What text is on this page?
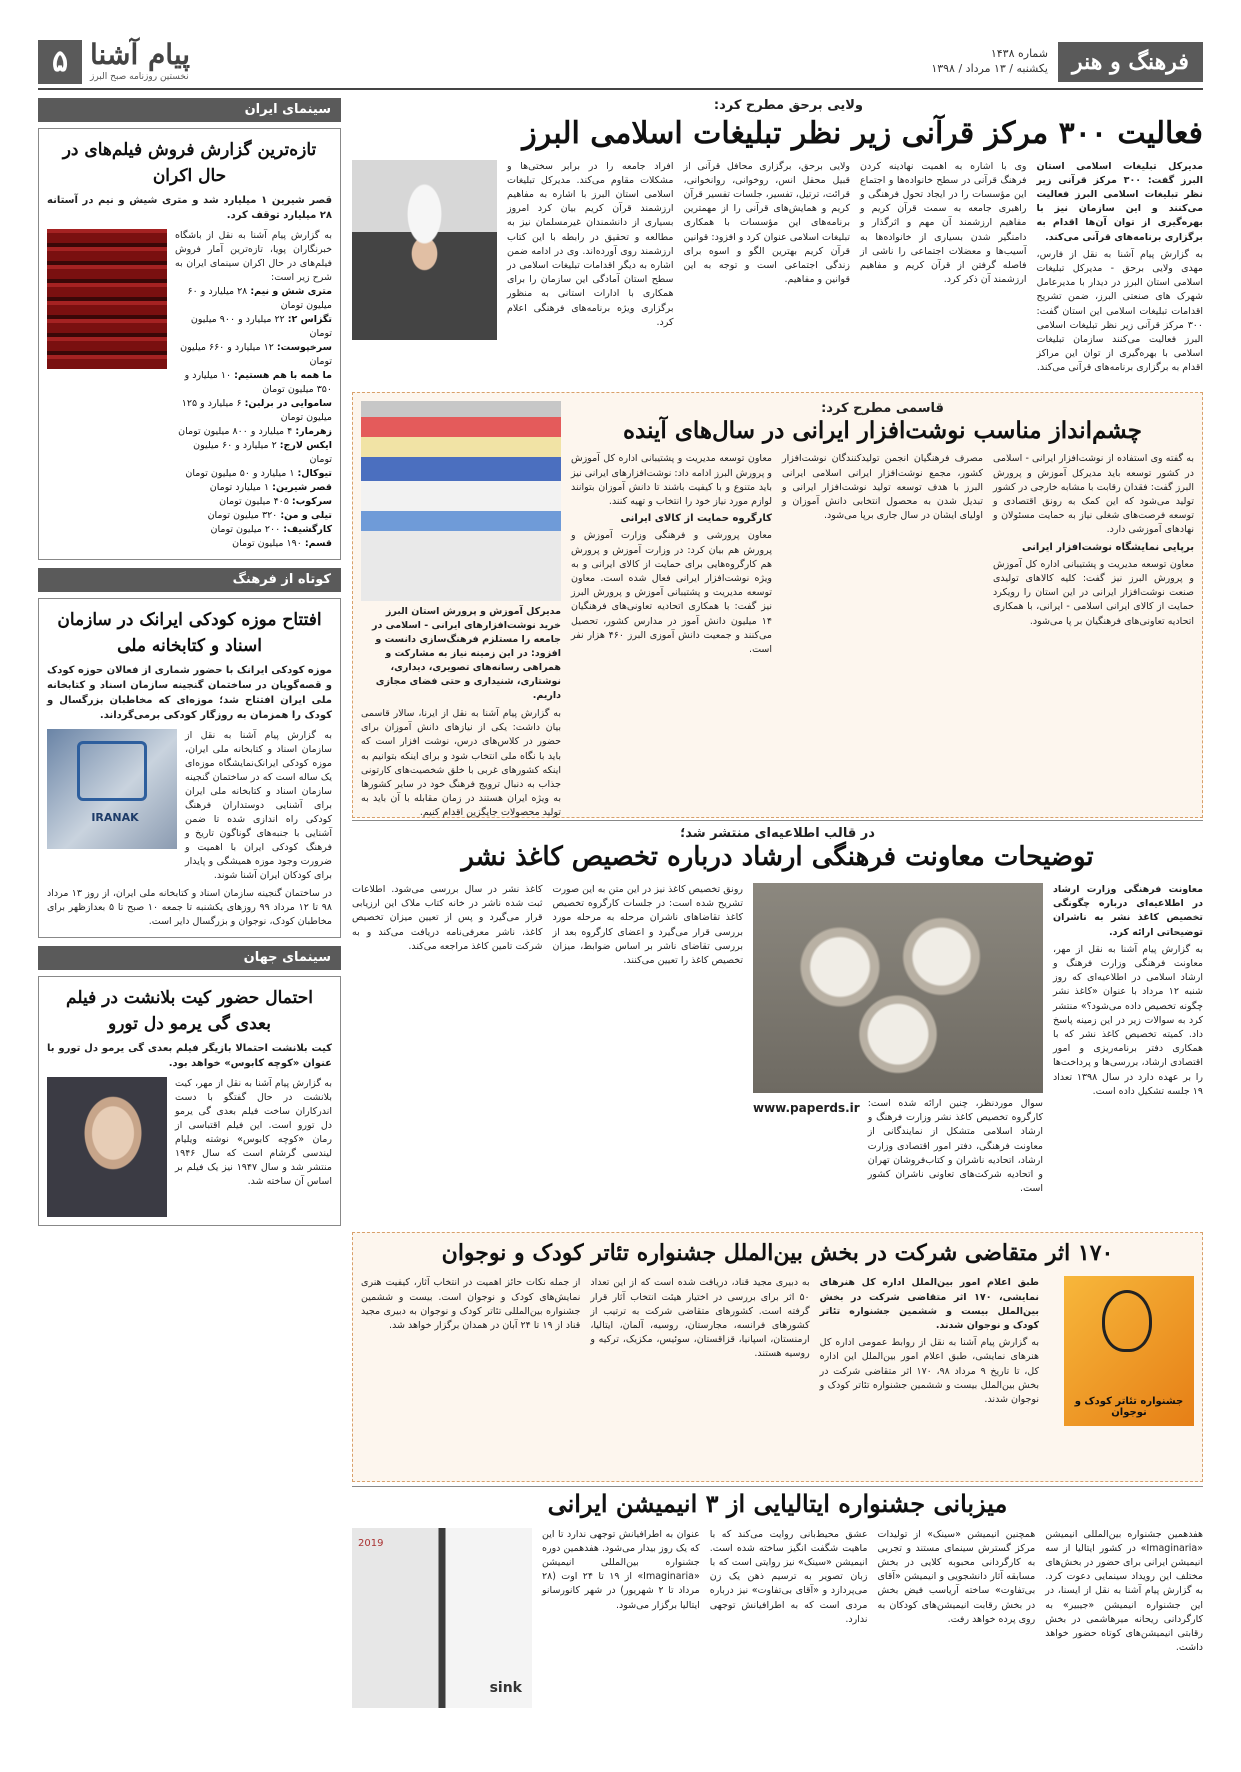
فرهنگ و هنر
شماره ۱۴۳۸
یکشنبه / ۱۳ مرداد / ۱۳۹۸
۵ پیام آشنا
نخستین روزنامه صبح البرز
سینمای ایران
تازه‌ترین گزارش فروش فیلم‌های در حال اکران
قصر شیرین ۱ میلیارد شد و متری شیش و نیم در آستانه ۲۸ میلیارد توقف کرد.
به گزارش پیام آشنا به نقل از باشگاه خبرنگاران پویا، تازه‌ترین آمار فروش فیلم‌های در حال اکران سینمای ایران به شرح زیر است:
متری شش و نیم: ۲۸ میلیارد و ۶۰ میلیون تومان
تگزاس ۲: ۲۲ میلیارد و ۹۰۰ میلیون تومان
سرخپوست: ۱۲ میلیارد و ۶۶۰ میلیون تومان
ما همه با هم هستیم: ۱۰ میلیارد و ۳۵۰ میلیون تومان
ساموایی در برلین: ۶ میلیارد و ۱۲۵ میلیون تومان
زهرمار: ۴ میلیارد و ۸۰۰ میلیون تومان
ایکس لارج: ۲ میلیارد و ۶۰ میلیون تومان
تیوکال: ۱ میلیارد و ۵۰ میلیون تومان
قصر شیرین: ۱ میلیارد تومان
سرکوب: ۴۰۵ میلیون تومان
تیلی و من: ۳۲۰ میلیون تومان
کارگشیف: ۲۰۰ میلیون تومان
قسم: ۱۹۰ میلیون تومان
کوتاه از فرهنگ
افتتاح موزه کودکی ایرانک در سازمان اسناد و کتابخانه ملی
موزه کودکی ایرانک با حضور شماری از فعالان حوزه کودک و قصه‌گویان در ساختمان گنجینه سازمان اسناد و کتابخانه ملی ایران افتتاح شد؛ موزه‌ای که مخاطبان بزرگسال و کودک را همزمان به روزگار کودکی برمی‌گرداند.
به گزارش پیام آشنا به نقل از سازمان اسناد و کتابخانه ملی ایران، موزه کودکی ایرانک‌نمایشگاه موزه‌ای یک ساله است که در ساختمان گنجینه سازمان اسناد و کتابخانه ملی ایران برای آشنایی دوستداران فرهنگ کودکی راه اندازی شده تا ضمن آشنایی با جنبه‌های گوناگون تاریخ و فرهنگ کودکی ایران با اهمیت و ضرورت وجود موزه همیشگی و پایدار برای کودکان ایران آشنا شوند.
IRANAK
در ساختمان گنجینه سازمان اسناد و کتابخانه ملی ایران، از روز ۱۳ مرداد ۹۸ تا ۱۲ مرداد ۹۹ روزهای یکشنبه تا جمعه ۱۰ صبح تا ۵ بعدازظهر برای مخاطبان کودک، نوجوان و بزرگسال دایر است.
سینمای جهان
احتمال حضور کیت بلانشت در فیلم بعدی گی یرمو دل تورو
کیت بلانشت احتمالا بازیگر فیلم بعدی گی یرمو دل تورو با عنوان «کوچه کابوس» خواهد بود.
به گزارش پیام آشنا به نقل از مهر، کیت بلانشت در حال گفتگو با دست اندرکاران ساخت فیلم بعدی گی یرمو دل تورو است. این فیلم اقتباسی از رمان «کوچه کابوس» نوشته ویلیام لیندسی گرشام است که سال ۱۹۴۶ منتشر شد و سال ۱۹۴۷ نیز یک فیلم بر اساس آن ساخته شد.
ولایی برحق مطرح کرد:
فعالیت ۳۰۰ مرکز قرآنی زیر نظر تبلیغات اسلامی البرز
مدیرکل تبلیغات اسلامی استان البرز گفت: ۳۰۰ مرکز قرآنی زیر نظر تبلیغات اسلامی البرز فعالیت می‌کنند و این سازمان نیز با بهره‌گیری از توان آن‌ها اقدام به برگزاری برنامه‌های قرآنی می‌کند.
به گزارش پیام آشنا به نقل از فارس، مهدی ولایی برحق - مدیرکل تبلیغات اسلامی استان البرز در دیدار با مدیرعامل شهرک های صنعتی البرز، ضمن تشریح اقدامات تبلیغات اسلامی این استان گفت: ۳۰۰ مرکز قرآنی زیر نظر تبلیغات اسلامی البرز فعالیت می‌کنند سازمان تبلیغات اسلامی با بهره‌گیری از توان این مراکز اقدام به برگزاری برنامه‌های قرآنی می‌کند.
وی با اشاره به اهمیت نهادینه کردن فرهنگ قرآنی در سطح خانواده‌ها و اجتماع این مؤسسات را در ایجاد تحول فرهنگی و راهبری جامعه به سمت قرآن کریم و مفاهیم ارزشمند آن مهم و اثرگذار و دامنگیر شدن بسیاری از خانواده‌ها به آسیب‌ها و معضلات اجتماعی را ناشی از فاصله گرفتن از قرآن کریم و مفاهیم ارزشمند آن ذکر کرد.
ولایی برحق، برگزاری محافل قرآنی از قبیل محفل انس، روخوانی، روانخوانی، قرائت، ترتیل، تفسیر، جلسات تفسیر قرآن کریم و همایش‌های قرآنی را از مهمترین برنامه‌های این مؤسسات با همکاری تبلیغات اسلامی عنوان کرد و افزود: قوانین قرآن کریم بهترین الگو و اسوه برای زندگی اجتماعی است و توجه به این قوانین و مفاهیم.
افراد جامعه را در برابر سختی‌ها و مشکلات مقاوم می‌کند. مدیرکل تبلیغات اسلامی استان البرز با اشاره به مفاهیم ارزشمند قرآن کریم بیان کرد امروز بسیاری از دانشمندان غیرمسلمان نیز به مطالعه و تحقیق در رابطه با این کتاب ارزشمند روی آورده‌اند. وی در ادامه ضمن اشاره به دیگر اقدامات تبلیغات اسلامی در سطح استان آمادگی این سازمان را برای همکاری با ادارات استانی به منظور برگزاری ویژه برنامه‌های فرهنگی اعلام کرد.
قاسمی مطرح کرد:
چشم‌انداز مناسب نوشت‌افزار ایرانی در سال‌های آینده
به گفته وی استفاده از نوشت‌افزار ایرانی - اسلامی در کشور توسعه باید مدیرکل آموزش و پرورش البرز گفت: فقدان رقابت با مشابه خارجی در کشور تولید می‌شود که این کمک به رونق اقتصادی و توسعه فرصت‌های شغلی نیاز به حمایت مسئولان و نهادهای آموزشی دارد.
برپایی نمایشگاه نوشت‌افزار ایرانی
معاون توسعه مدیریت و پشتیبانی اداره کل آموزش و پرورش البرز نیز گفت: کلیه کالاهای تولیدی صنعت نوشت‌افزار ایرانی در این استان را رویکرد حمایت از کالای ایرانی اسلامی - ایرانی، با همکاری اتحادیه تعاونی‌های فرهنگیان بر پا می‌شود.
مصرف فرهنگیان انجمن تولیدکنندگان نوشت‌افزار کشور، مجمع نوشت‌افزار ایرانی اسلامی ایرانی البرز با هدف توسعه تولید نوشت‌افزار ایرانی و تبدیل شدن به محصول انتخابی دانش آموزان و اولیای ایشان در سال جاری برپا می‌شود.
معاون توسعه مدیریت و پشتیبانی اداره کل آموزش و پرورش البرز ادامه داد: نوشت‌افزارهای ایرانی نیز باید متنوع و با کیفیت باشند تا دانش آموزان بتوانند لوازم مورد نیاز خود را انتخاب و تهیه کنند.
کارگروه حمایت از کالای ایرانی
معاون پرورشی و فرهنگی وزارت آموزش و پرورش هم بیان کرد: در وزارت آموزش و پرورش هم کارگروه‌هایی برای حمایت از کالای ایرانی و به ویژه نوشت‌افزار ایرانی فعال شده است. معاون توسعه مدیریت و پشتیبانی آموزش و پرورش البرز نیز گفت: با همکاری اتحادیه تعاونی‌های فرهنگیان ۱۴ میلیون دانش آموز در مدارس کشور، تحصیل می‌کنند و جمعیت دانش آموزی البرز ۴۶۰ هزار نفر است.
مدیرکل آموزش و پرورش استان البرز خرید نوشت‌افزارهای ایرانی - اسلامی در جامعه را مستلزم فرهنگ‌سازی دانست و افزود: در این زمینه نیاز به مشارکت و همراهی رسانه‌های تصویری، دیداری، نوشتاری، شنیداری و حتی فضای مجازی داریم.
به گزارش پیام آشنا به نقل از ایرنا، سالار قاسمی بیان داشت: یکی از نیازهای دانش آموزان برای حضور در کلاس‌های درس، نوشت افزار است که باید با نگاه ملی انتخاب شود و برای اینکه بتوانیم به اینکه کشورهای غربی با خلق شخصیت‌های کارتونی جذاب به دنبال ترویج فرهنگ خود در سایر کشورها به ویژه ایران هستند در زمان مقابله با آن باید به تولید محصولات جایگزین اقدام کنیم.
در قالب اطلاعیه‌ای منتشر شد؛
توضیحات معاونت فرهنگی ارشاد درباره تخصیص کاغذ نشر
معاونت فرهنگی وزارت ارشاد در اطلاعیه‌ای درباره چگونگی تخصیص کاغذ نشر به ناشران توضیحاتی ارائه کرد.
به گزارش پیام آشنا به نقل از مهر، معاونت فرهنگی وزارت فرهنگ و ارشاد اسلامی در اطلاعیه‌ای که روز شنبه ۱۲ مرداد با عنوان «کاغذ نشر چگونه تخصیص داده می‌شود؟» منتشر کرد به سوالات زیر در این زمینه پاسخ داد. کمیته تخصیص کاغذ نشر که با همکاری دفتر برنامه‌ریزی و امور اقتصادی ارشاد، بررسی‌ها و پرداخت‌ها را بر عهده دارد در سال ۱۳۹۸ تعداد ۱۹ جلسه تشکیل داده است.
سوال موردنظر، چنین ارائه شده است: کارگروه تخصیص کاغذ نشر وزارت فرهنگ و ارشاد اسلامی متشکل از نمایندگانی از معاونت فرهنگی، دفتر امور اقتصادی وزارت ارشاد، اتحادیه ناشران و کتاب‌فروشان تهران و اتحادیه شرکت‌های تعاونی ناشران کشور است.
www.paperds.ir
رونق تخصیص کاغذ نیز در این متن به این صورت تشریح شده است: در جلسات کارگروه تخصیص کاغذ تقاضاهای ناشران مرحله به مرحله مورد بررسی قرار می‌گیرد و اعضای کارگروه بعد از بررسی تقاضای ناشر بر اساس ضوابط، میزان تخصیص کاغذ را تعیین می‌کنند.
کاغذ نشر در سال بررسی می‌شود. اطلاعات ثبت شده ناشر در خانه کتاب ملاک این ارزیابی قرار می‌گیرد و پس از تعیین میزان تخصیص کاغذ، ناشر معرفی‌نامه دریافت می‌کند و به شرکت تامین کاغذ مراجعه می‌کند.
۱۷۰ اثر متقاضی شرکت در بخش بین‌الملل جشنواره تئاتر کودک و نوجوان
جشنواره تئاتر کودک و نوجوان
طبق اعلام امور بین‌الملل اداره کل هنرهای نمایشی، ۱۷۰ اثر متقاضی شرکت در بخش بین‌الملل بیست و ششمین جشنواره تئاتر کودک و نوجوان شدند.
به گزارش پیام آشنا به نقل از روابط عمومی اداره کل هنرهای نمایشی، طبق اعلام امور بین‌الملل این اداره کل، تا تاریخ ۹ مرداد ۹۸، ۱۷۰ اثر متقاضی شرکت در بخش بین‌الملل بیست و ششمین جشنواره تئاتر کودک و نوجوان شدند.
به دبیری مجید قناد، دریافت شده است که از این تعداد ۵۰ اثر برای بررسی در اختیار هیئت انتخاب آثار قرار گرفته است. کشورهای متقاضی شرکت به ترتیب از کشورهای فرانسه، مجارستان، روسیه، آلمان، ایتالیا، ارمنستان، اسپانیا، قزاقستان، سوئیس، مکزیک، ترکیه و روسیه هستند.
از جمله نکات حائز اهمیت در انتخاب آثار، کیفیت هنری نمایش‌های کودک و نوجوان است. بیست و ششمین جشنواره بین‌المللی تئاتر کودک و نوجوان به دبیری مجید قناد از ۱۹ تا ۲۴ آبان در همدان برگزار خواهد شد.
میزبانی جشنواره ایتالیایی از ۳ انیمیشن ایرانی
هفدهمین جشنواره بین‌المللی انیمیشن «Imaginaria» در کشور ایتالیا از سه انیمیشن ایرانی برای حضور در بخش‌های مختلف این رویداد سینمایی دعوت کرد. به گزارش پیام آشنا به نقل از ایسنا، در این جشنواره انیمیشن «جیبیر» به کارگردانی ریحانه میرهاشمی در بخش رقابتی انیمیشن‌های کوتاه حضور خواهد داشت.
همچنین انیمیشن «سینک» از تولیدات مرکز گسترش سینمای مستند و تجربی به کارگردانی محبوبه کلایی در بخش مسابقه آثار دانشجویی و انیمیشن «آقای بی‌تفاوت» ساخته آریاسب فیض بخش در بخش رقابت انیمیشن‌های کودکان به روی پرده خواهد رفت.
عشق محیط‌بانی روایت می‌کند که با ماهیت شگفت انگیز ساخته شده است. انیمیشن «سینک» نیز روایتی است که با زبان تصویر به ترسیم ذهن یک زن می‌پردازد و «آقای بی‌تفاوت» نیز درباره مردی است که به اطرافیانش توجهی ندارد.
عنوان به اطرافیانش توجهی ندارد تا این که یک روز بیدار می‌شود. هفدهمین دوره جشنواره بین‌المللی انیمیشن «Imaginaria» از ۱۹ تا ۲۴ اوت (۲۸ مرداد تا ۲ شهریور) در شهر کانورسانو ایتالیا برگزار می‌شود.
2019
sink
